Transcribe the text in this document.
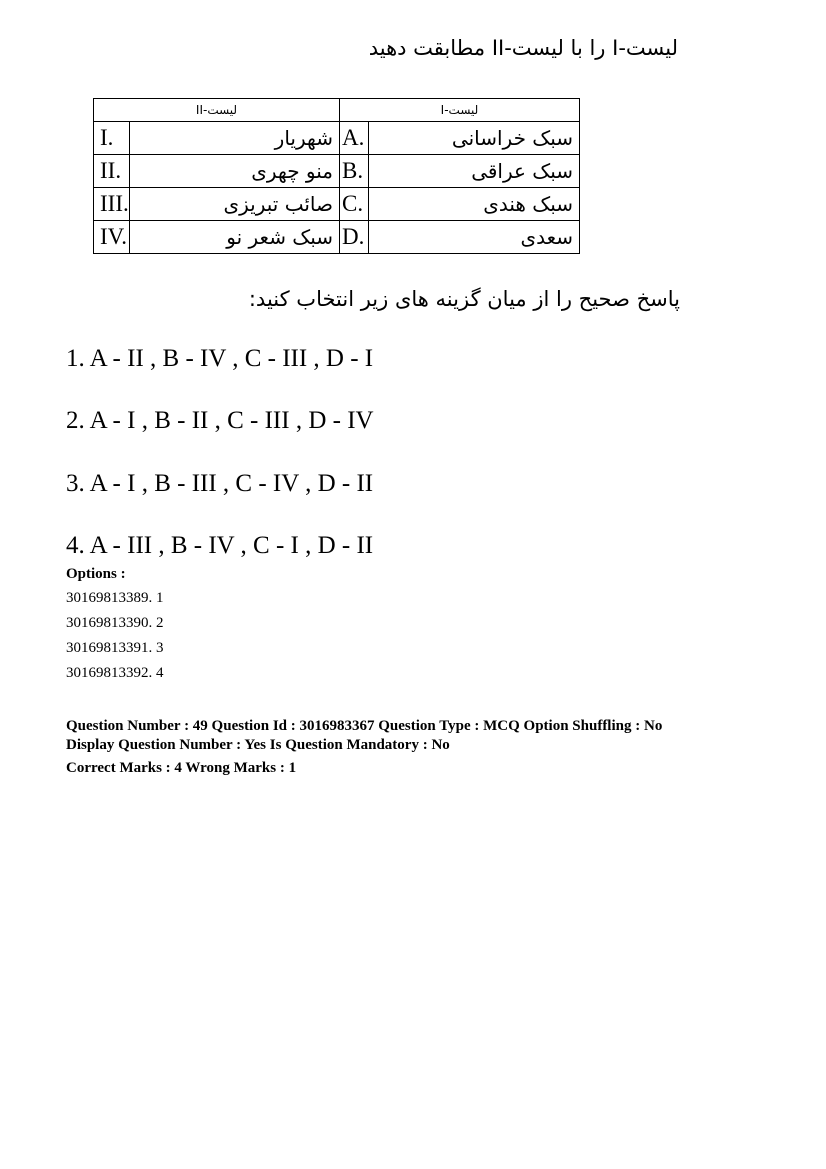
لیست-I را با لیست-II مطابقت دهید
لیست-II		لیست-I	
I.	شهریار	A.	سبک خراسانی
II.	منو چهری	B.	سبک عراقی
III.	صائب تبریزی	C.	سبک هندی
IV.	سبک شعر نو	D.	سعدی
پاسخ صحیح را از میان گزینه های زیر انتخاب کنید:
1. A - II , B - IV , C - III , D - I
2. A - I , B - II , C - III , D - IV
3. A - I , B - III , C - IV , D - II
4. A - III , B - IV , C - I , D - II
Options :
30169813389. 1
30169813390. 2
30169813391. 3
30169813392. 4
Question Number : 49 Question Id : 3016983367 Question Type : MCQ Option Shuffling : No
Display Question Number : Yes Is Question Mandatory : No
Correct Marks : 4 Wrong Marks : 1
